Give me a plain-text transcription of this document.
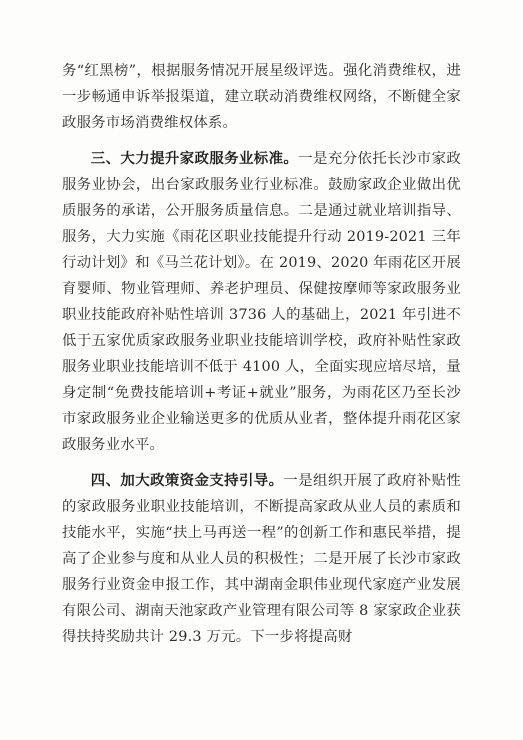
务“红黑榜”，根据服务情况开展星级评选。强化消费维权，进一步畅通申诉举报渠道，建立联动消费维权网络，不断健全家政服务市场消费维权体系。

三、大力提升家政服务业标准。一是充分依托长沙市家政服务业协会，出台家政服务业行业标准。鼓励家政企业做出优质服务的承诺，公开服务质量信息。二是通过就业培训指导、服务，大力实施《雨花区职业技能提升行动 2019-2021 三年行动计划》和《马兰花计划》。在 2019、2020 年雨花区开展育婴师、物业管理师、养老护理员、保健按摩师等家政服务业职业技能政府补贴性培训 3736 人的基础上，2021 年引进不低于五家优质家政服务业职业技能培训学校，政府补贴性家政服务业职业技能培训不低于 4100 人，全面实现应培尽培，量身定制“免费技能培训+考证+就业”服务，为雨花区乃至长沙市家政服务业企业输送更多的优质从业者，整体提升雨花区家政服务业水平。

四、加大政策资金支持引导。一是组织开展了政府补贴性的家政服务业职业技能培训，不断提高家政从业人员的素质和技能水平，实施“扶上马再送一程”的创新工作和惠民举措，提高了企业参与度和从业人员的积极性；二是开展了长沙市家政服务行业资金申报工作，其中湖南金职伟业现代家庭产业发展有限公司、湖南天池家政产业管理有限公司等 8 家家政企业获得扶持奖励共计 29.3 万元。下一步将提高财
